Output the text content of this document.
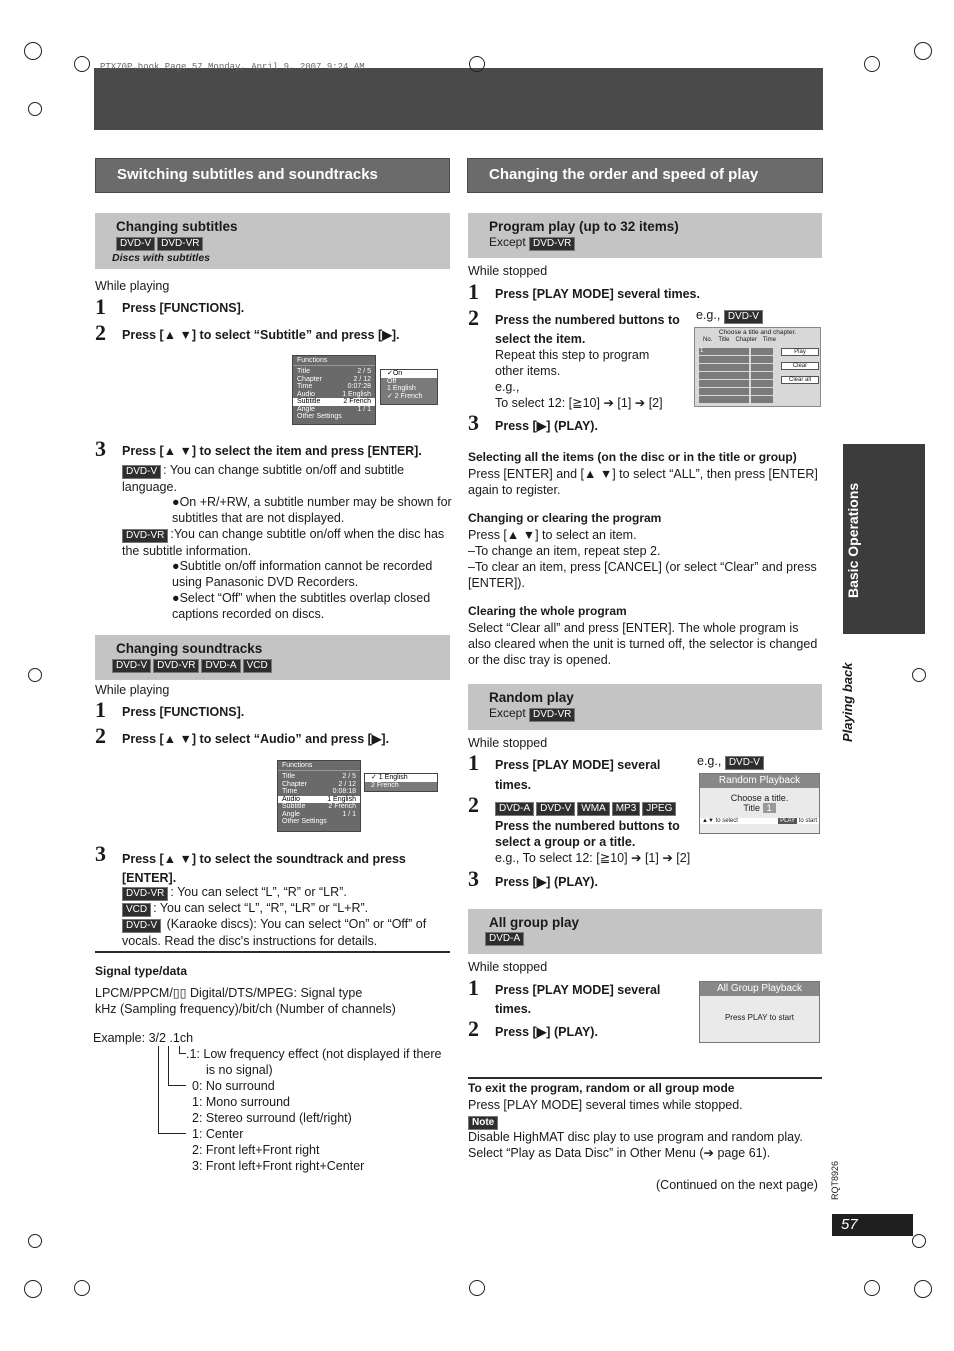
PTX70P.book Page 57 Monday, April 9, 2007 9:24 AM
Switching subtitles and soundtracks
Changing subtitles
DVD-V DVD-VR
Discs with subtitles
While playing
1 Press [FUNCTIONS].
2 Press [▲ ▼] to select “Subtitle” and press [▶].
Functions
Title	2 / 5
Chapter	2 / 12
Time	0:07:28
Audio	1 English
Subtitle	2 French
Angle	1 / 1
Other Settings
✓On
Off
1 English
✓ 2 French
3 Press [▲ ▼] to select the item and press [ENTER].
DVD-V : You can change subtitle on/off and subtitle language.
●On +R/+RW, a subtitle number may be shown for subtitles that are not displayed.
DVD-VR :You can change subtitle on/off when the disc has the subtitle information.
●Subtitle on/off information cannot be recorded using Panasonic DVD Recorders.
●Select “Off” when the subtitles overlap closed captions recorded on discs.
Changing soundtracks
DVD-V DVD-VR DVD-A VCD
While playing
1 Press [FUNCTIONS].
2 Press [▲ ▼] to select “Audio” and press [▶].
Functions
Title	2 / 5
Chapter	2 / 12
Time	0:08:18
Audio	1 English
Subtitle	2 French
Angle	1 / 1
Other Settings
✓ 1 English
2 French
3 Press [▲ ▼] to select the soundtrack and press [ENTER].
DVD-VR : You can select “L”, “R” or “LR”.
VCD : You can select “L”, “R”, “LR” or “L+R”.
DVD-V (Karaoke discs): You can select “On” or “Off” of vocals. Read the disc's instructions for details.
Signal type/data
LPCM/PPCM/▯▯ Digital/DTS/MPEG: Signal type
kHz (Sampling frequency)/bit/ch (Number of channels)
Example: 3/2 .1ch
.1: Low frequency effect (not displayed if there
is no signal)
0: No surround
1: Mono surround
2: Stereo surround (left/right)
1: Center
2: Front left+Front right
3: Front left+Front right+Center
Changing the order and speed of play
Program play (up to 32 items)
Except DVD-VR
While stopped
1 Press [PLAY MODE] several times.
2 Press the numbered buttons to
select the item.
Repeat this step to program
other items.
e.g.,
To select 12: [≧10] ➔ [1] ➔ [2]
e.g., DVD-V
Choose a title and chapter.
No. Title Chapter Time
1	Play
Clear
Clear all
3 Press [▶] (PLAY).
Selecting all the items (on the disc or in the title or group)
Press [ENTER] and [▲ ▼] to select “ALL”, then press [ENTER] again to register.
Changing or clearing the program
Press [▲ ▼] to select an item.
–To change an item, repeat step 2.
–To clear an item, press [CANCEL] (or select “Clear” and press [ENTER]).
Clearing the whole program
Select “Clear all” and press [ENTER]. The whole program is also cleared when the unit is turned off, the selector is changed or the disc tray is opened.
Random play
Except DVD-VR
While stopped
1 Press [PLAY MODE] several
times.
e.g., DVD-V
Random Playback
Choose a title.
Title 1
▲▼ to select	PLAY to start
2	DVD-A DVD-V WMA MP3 JPEG
Press the numbered buttons to
select a group or a title.
e.g., To select 12: [≧10] ➔ [1] ➔ [2]
3 Press [▶] (PLAY).
All group play
DVD-A
While stopped
1 Press [PLAY MODE] several
times.
2 Press [▶] (PLAY).
All Group Playback
Press PLAY to start
To exit the program, random or all group mode
Press [PLAY MODE] several times while stopped.
Note
Disable HighMAT disc play to use program and random play.
Select “Play as Data Disc” in Other Menu (➔ page 61).
(Continued on the next page)
Basic Operations
Playing back
RQT8926
57
